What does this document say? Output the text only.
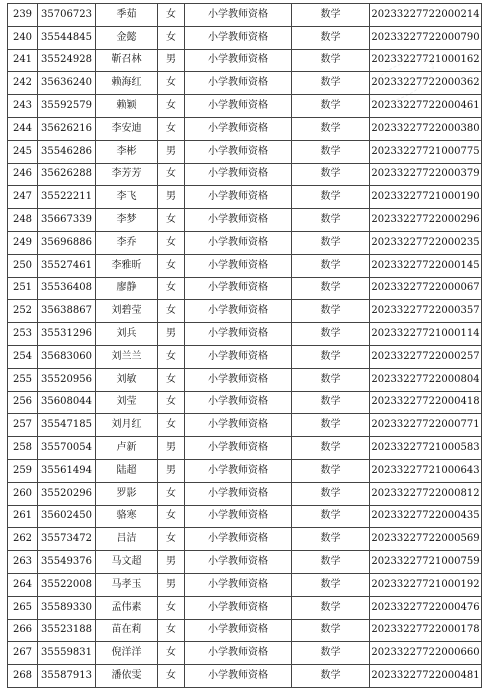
239	35706723	季茹	女	小学教师资格	数学	20233227722000214
240	35544845	金懿	女	小学教师资格	数学	20233227722000790
241	35524928	靳召林	男	小学教师资格	数学	20233227721000162
242	35636240	赖海红	女	小学教师资格	数学	20233227722000362
243	35592579	赖颖	女	小学教师资格	数学	20233227722000461
244	35626216	李安迪	女	小学教师资格	数学	20233227722000380
245	35546286	李彬	男	小学教师资格	数学	20233227721000775
246	35626288	李芳芳	女	小学教师资格	数学	20233227722000379
247	35522211	李飞	男	小学教师资格	数学	20233227721000190
248	35667339	李梦	女	小学教师资格	数学	20233227722000296
249	35696886	李乔	女	小学教师资格	数学	20233227722000235
250	35527461	李雅昕	女	小学教师资格	数学	20233227722000145
251	35536408	廖静	女	小学教师资格	数学	20233227722000067
252	35638867	刘碧莹	女	小学教师资格	数学	20233227722000357
253	35531296	刘兵	男	小学教师资格	数学	20233227721000114
254	35683060	刘兰兰	女	小学教师资格	数学	20233227722000257
255	35520956	刘敏	女	小学教师资格	数学	20233227722000804
256	35608044	刘莹	女	小学教师资格	数学	20233227722000418
257	35547185	刘月红	女	小学教师资格	数学	20233227722000771
258	35570054	卢新	男	小学教师资格	数学	20233227721000583
259	35561494	陆超	男	小学教师资格	数学	20233227721000643
260	35520296	罗影	女	小学教师资格	数学	20233227722000812
261	35602450	骆寒	女	小学教师资格	数学	20233227722000435
262	35573472	吕洁	女	小学教师资格	数学	20233227722000569
263	35549376	马文超	男	小学教师资格	数学	20233227721000759
264	35522008	马孝玉	男	小学教师资格	数学	20233227721000192
265	35589330	孟伟素	女	小学教师资格	数学	20233227722000476
266	35523188	苗在莉	女	小学教师资格	数学	20233227722000178
267	35559831	倪洋洋	女	小学教师资格	数学	20233227722000660
268	35587913	潘依雯	女	小学教师资格	数学	20233227722000481
